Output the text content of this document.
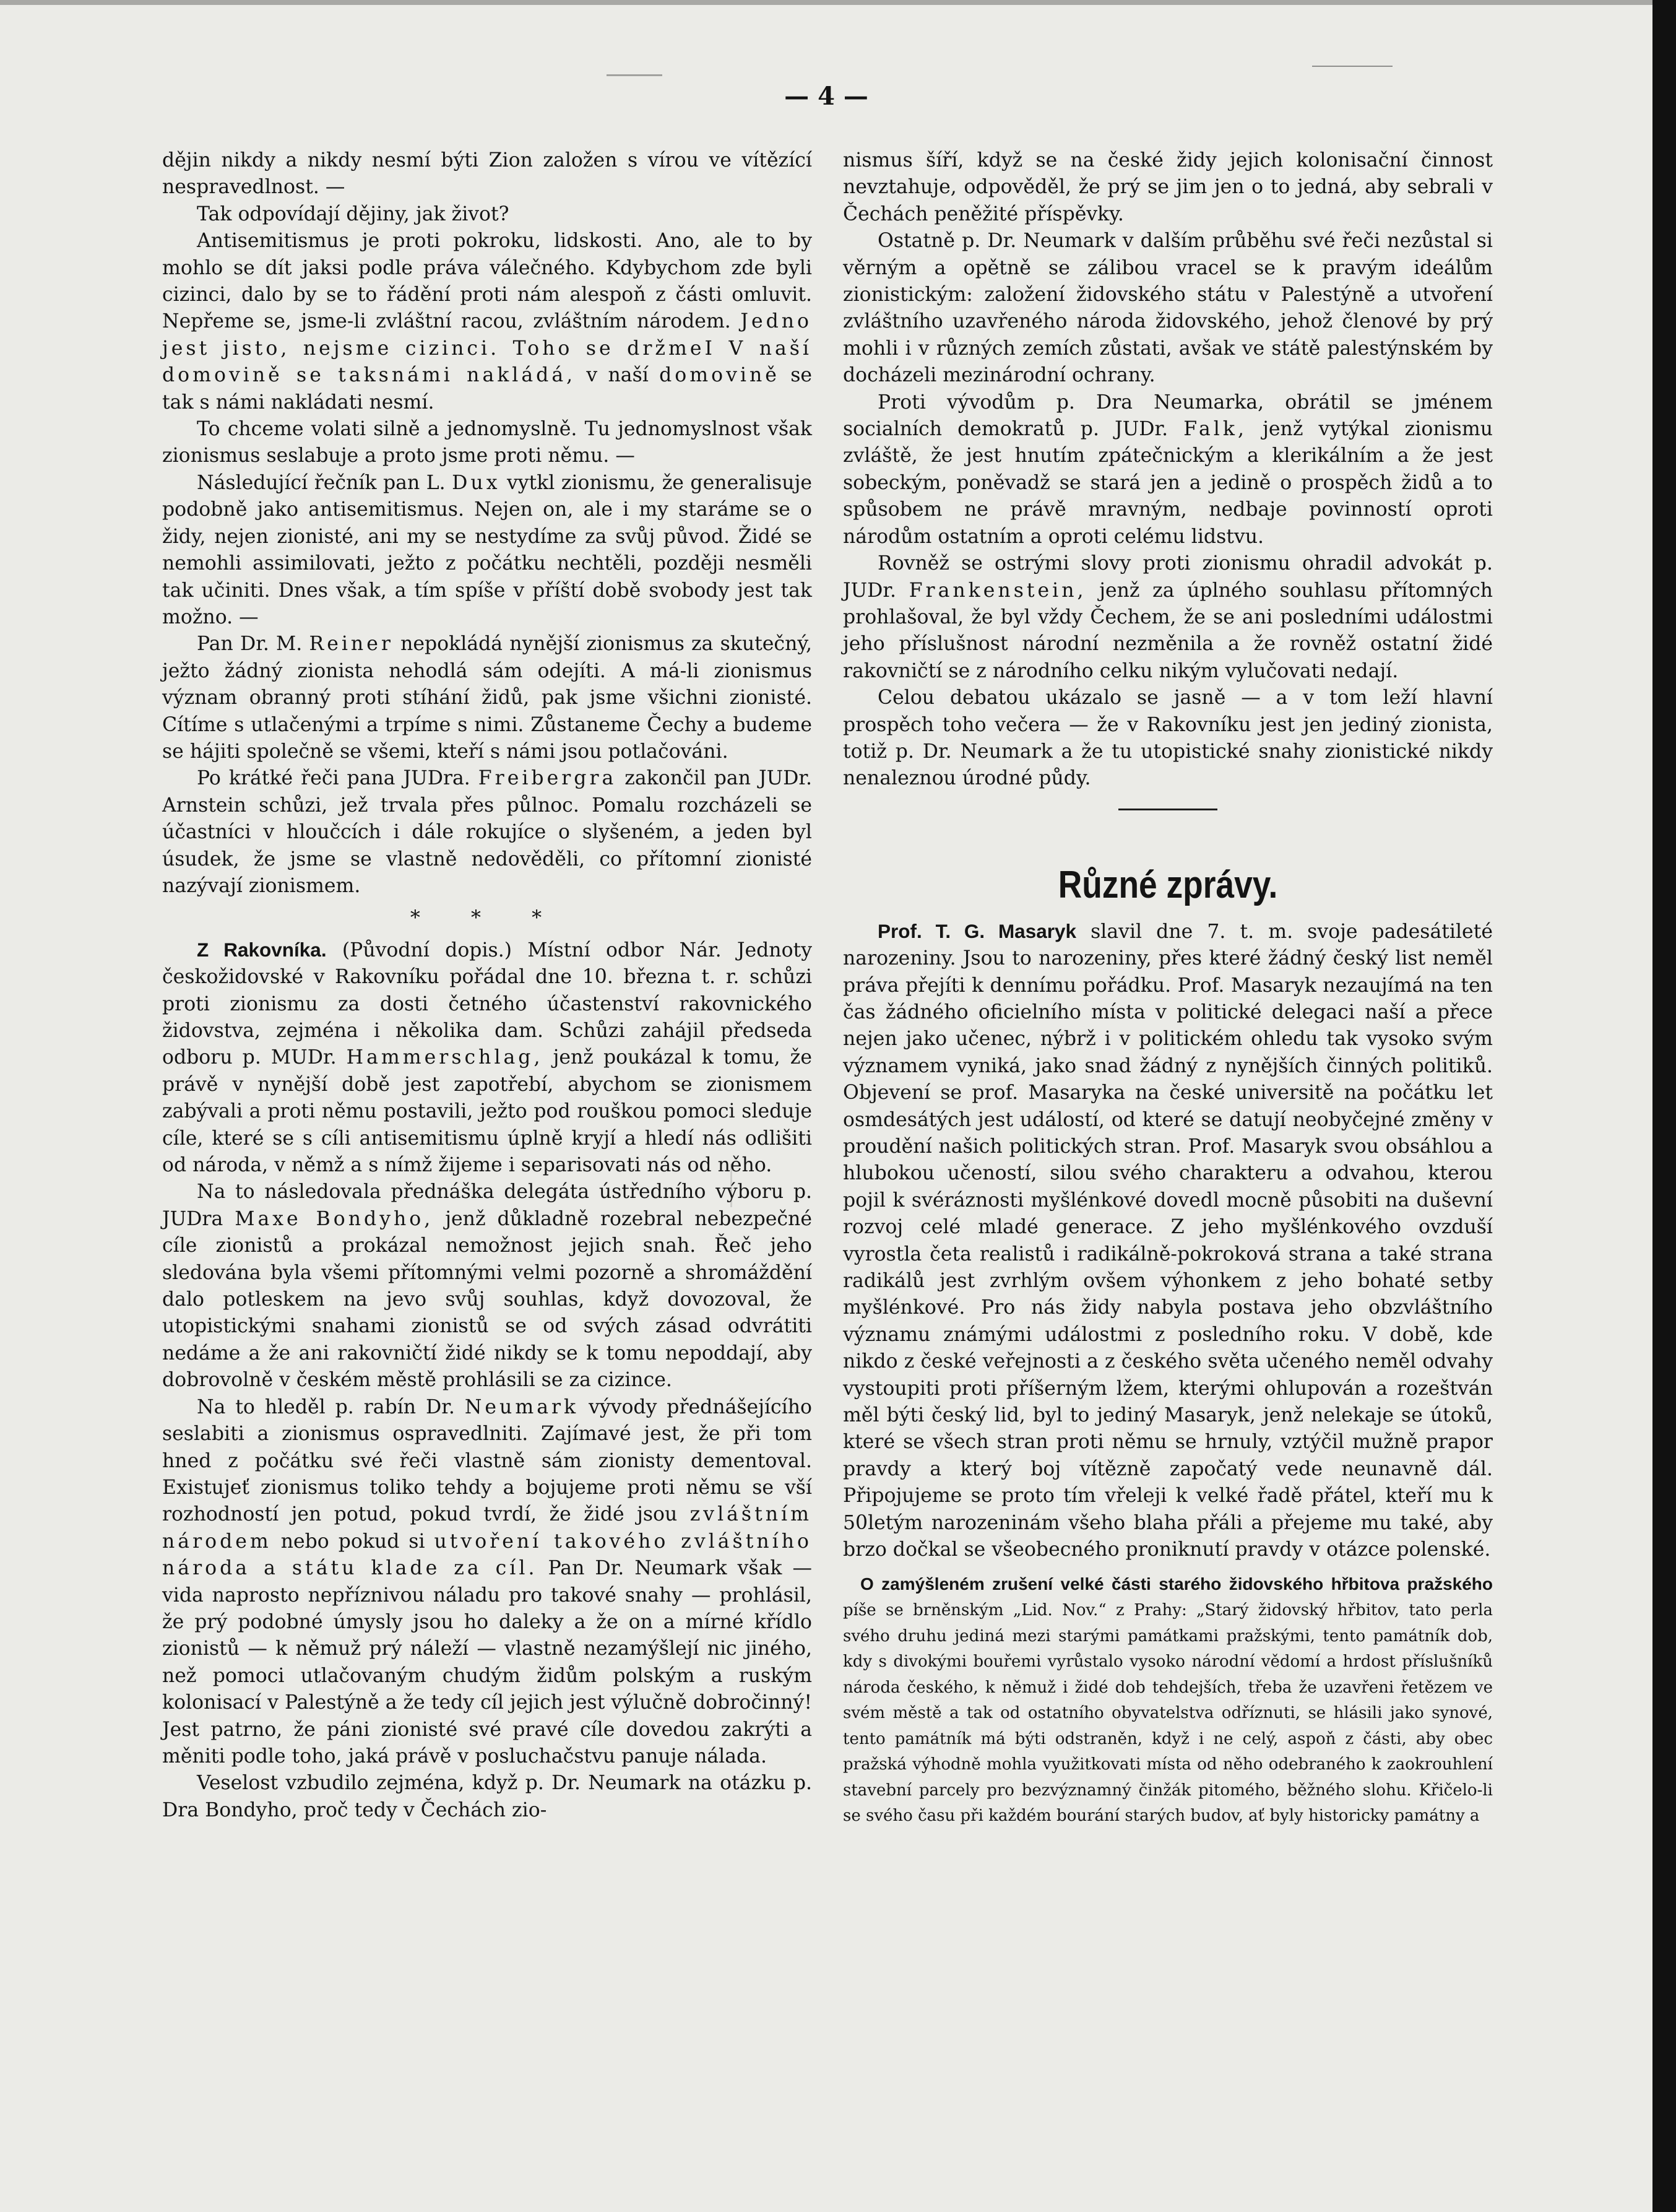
— 4 —

dějin nikdy a nikdy nesmí býti Zion založen s vírou ve vítězící nespravedlnost. —

Tak odpovídají dějiny, jak život?

Antisemitismus je proti pokroku, lidskosti. Ano, ale to by mohlo se dít jaksi podle práva válečného. Kdybychom zde byli cizinci, dalo by se to řádění proti nám alespoň z části omluvit. Nepřeme se, jsme-li zvláštní racou, zvláštním národem. Jedno jest jisto, nejsme cizinci. Toho se držmeI V naší domovině se taksnámi nakládá, v naší domovině se tak s námi nakládati nesmí.

To chceme volati silně a jednomyslně. Tu jednomyslnost však zionismus seslabuje a proto jsme proti němu. —

Následující řečník pan L. Dux vytkl zionismu, že generalisuje podobně jako antisemitismus. Nejen on, ale i my staráme se o židy, nejen zionisté, ani my se nestydíme za svůj původ. Židé se nemohli assimilovati, ježto z počátku nechtěli, později nesměli tak učiniti. Dnes však, a tím spíše v příští době svobody jest tak možno. —

Pan Dr. M. Reiner nepokládá nynější zionismus za skutečný, ježto žádný zionista nehodlá sám odejíti. A má-li zionismus význam obranný proti stíhání židů, pak jsme všichni zionisté. Cítíme s utlačenými a trpíme s nimi. Zůstaneme Čechy a budeme se hájiti společně se všemi, kteří s námi jsou potlačováni.

Po krátké řeči pana JUDra. Freibergra zakončil pan JUDr. Arnstein schůzi, jež trvala přes půlnoc. Pomalu rozcházeli se účastníci v hloučcích i dále rokujíce o slyšeném, a jeden byl úsudek, že jsme se vlastně nedověděli, co přítomní zionisté nazývají zionismem.

* * *

Z Rakovníka. (Původní dopis.) Místní odbor Nár. Jednoty českožidovské v Rakovníku pořádal dne 10. března t. r. schůzi proti zionismu za dosti četného účastenství rakovnického židovstva, zejména i několika dam. Schůzi zahájil předseda odboru p. MUDr. Hammerschlag, jenž poukázal k tomu, že právě v nynější době jest zapotřebí, abychom se zionismem zabývali a proti němu postavili, ježto pod rouškou pomoci sleduje cíle, které se s cíli antisemitismu úplně kryjí a hledí nás odlišiti od národa, v němž a s nímž žijeme i separisovati nás od něho.

Na to následovala přednáška delegáta ústředního výboru p. JUDra Maxe Bondyho, jenž důkladně rozebral nebezpečné cíle zionistů a prokázal nemožnost jejich snah. Řeč jeho sledována byla všemi přítomnými velmi pozorně a shromáždění dalo potleskem na jevo svůj souhlas, když dovozoval, že utopistickými snahami zionistů se od svých zásad odvrátiti nedáme a že ani rakovničtí židé nikdy se k tomu nepoddají, aby dobrovolně v českém městě prohlásili se za cizince.

Na to hleděl p. rabín Dr. Neumark vývody přednášejícího seslabiti a zionismus ospravedlniti. Zajímavé jest, že při tom hned z počátku své řeči vlastně sám zionisty dementoval. Existujeť zionismus toliko tehdy a bojujeme proti němu se vší rozhodností jen potud, pokud tvrdí, že židé jsou zvláštním národem nebo pokud si utvoření takového zvláštního národa a státu klade za cíl. Pan Dr. Neumark však — vida naprosto nepříznivou náladu pro takové snahy — prohlásil, že prý podobné úmysly jsou ho daleky a že on a mírné křídlo zionistů — k němuž prý náleží — vlastně nezamýšlejí nic jiného, než pomoci utlačovaným chudým židům polským a ruským kolonisací v Palestýně a že tedy cíl jejich jest výlučně dobročinný! Jest patrno, že páni zionisté své pravé cíle dovedou zakrýti a měniti podle toho, jaká právě v posluchačstvu panuje nálada.

Veselost vzbudilo zejména, když p. Dr. Neumark na otázku p. Dra Bondyho, proč tedy v Čechách zio-

nismus šíří, když se na české židy jejich kolonisační činnost nevztahuje, odpověděl, že prý se jim jen o to jedná, aby sebrali v Čechách peněžité příspěvky.

Ostatně p. Dr. Neumark v dalším průběhu své řeči nezůstal si věrným a opětně se zálibou vracel se k pravým ideálům zionistickým: založení židovského státu v Palestýně a utvoření zvláštního uzavřeného národa židovského, jehož členové by prý mohli i v různých zemích zůstati, avšak ve státě palestýnském by docházeli mezinárodní ochrany.

Proti vývodům p. Dra Neumarka, obrátil se jménem socialních demokratů p. JUDr. Falk, jenž vytýkal zionismu zvláště, že jest hnutím zpátečnickým a klerikálním a že jest sobeckým, poněvadž se stará jen a jedině o prospěch židů a to spůsobem ne právě mravným, nedbaje povinností oproti národům ostatním a oproti celému lidstvu.

Rovněž se ostrými slovy proti zionismu ohradil advokát p. JUDr. Frankenstein, jenž za úplného souhlasu přítomných prohlašoval, že byl vždy Čechem, že se ani posledními událostmi jeho příslušnost národní nezměnila a že rovněž ostatní židé rakovničtí se z národního celku nikým vylučovati nedají.

Celou debatou ukázalo se jasně — a v tom leží hlavní prospěch toho večera — že v Rakovníku jest jen jediný zionista, totiž p. Dr. Neumark a že tu utopistické snahy zionistické nikdy nenaleznou úrodné půdy.

Různé zprávy.

Prof. T. G. Masaryk slavil dne 7. t. m. svoje padesátileté narozeniny. Jsou to narozeniny, přes které žádný český list neměl práva přejíti k dennímu pořádku. Prof. Masaryk nezaujímá na ten čas žádného oficielního místa v politické delegaci naší a přece nejen jako učenec, nýbrž i v politickém ohledu tak vysoko svým významem vyniká, jako snad žádný z nynějších činných politiků. Objevení se prof. Masaryka na české universitě na počátku let osmdesátých jest událostí, od které se datují neobyčejné změny v proudění našich politických stran. Prof. Masaryk svou obsáhlou a hlubokou učeností, silou svého charakteru a odvahou, kterou pojil k svéráznosti myšlénkové dovedl mocně působiti na duševní rozvoj celé mladé generace. Z jeho myšlénkového ovzduší vyrostla četa realistů i radikálně-pokroková strana a také strana radikálů jest zvrhlým ovšem výhonkem z jeho bohaté setby myšlénkové. Pro nás židy nabyla postava jeho obzvláštního významu známými událostmi z posledního roku. V době, kde nikdo z české veřejnosti a z českého světa učeného neměl odvahy vystoupiti proti příšerným lžem, kterými ohlupován a rozeštván měl býti český lid, byl to jediný Masaryk, jenž nelekaje se útoků, které se všech stran proti němu se hrnuly, vztýčil mužně prapor pravdy a který boj vítězně započatý vede neunavně dál. Připojujeme se proto tím vřeleji k velké řadě přátel, kteří mu k 50letým narozeninám všeho blaha přáli a přejeme mu také, aby brzo dočkal se všeobecného proniknutí pravdy v otázce polenské.

O zamýšleném zrušení velké části starého židovského hřbitova pražského píše se brněnským „Lid. Nov.“ z Prahy: „Starý židovský hřbitov, tato perla svého druhu jediná mezi starými památkami pražskými, tento památník dob, kdy s divokými bouřemi vyrůstalo vysoko národní vědomí a hrdost příslušníků národa českého, k němuž i židé dob tehdejších, třeba že uzavřeni řetězem ve svém městě a tak od ostatního obyvatelstva odříznuti, se hlásili jako synové, tento památník má býti odstraněn, když i ne celý, aspoň z části, aby obec pražská výhodně mohla využitkovati místa od něho odebraného k zaokrouhlení stavební parcely pro bezvýznamný činžák pitomého, běžného slohu. Křičelo-li se svého času při každém bourání starých budov, ať byly historicky památny a
